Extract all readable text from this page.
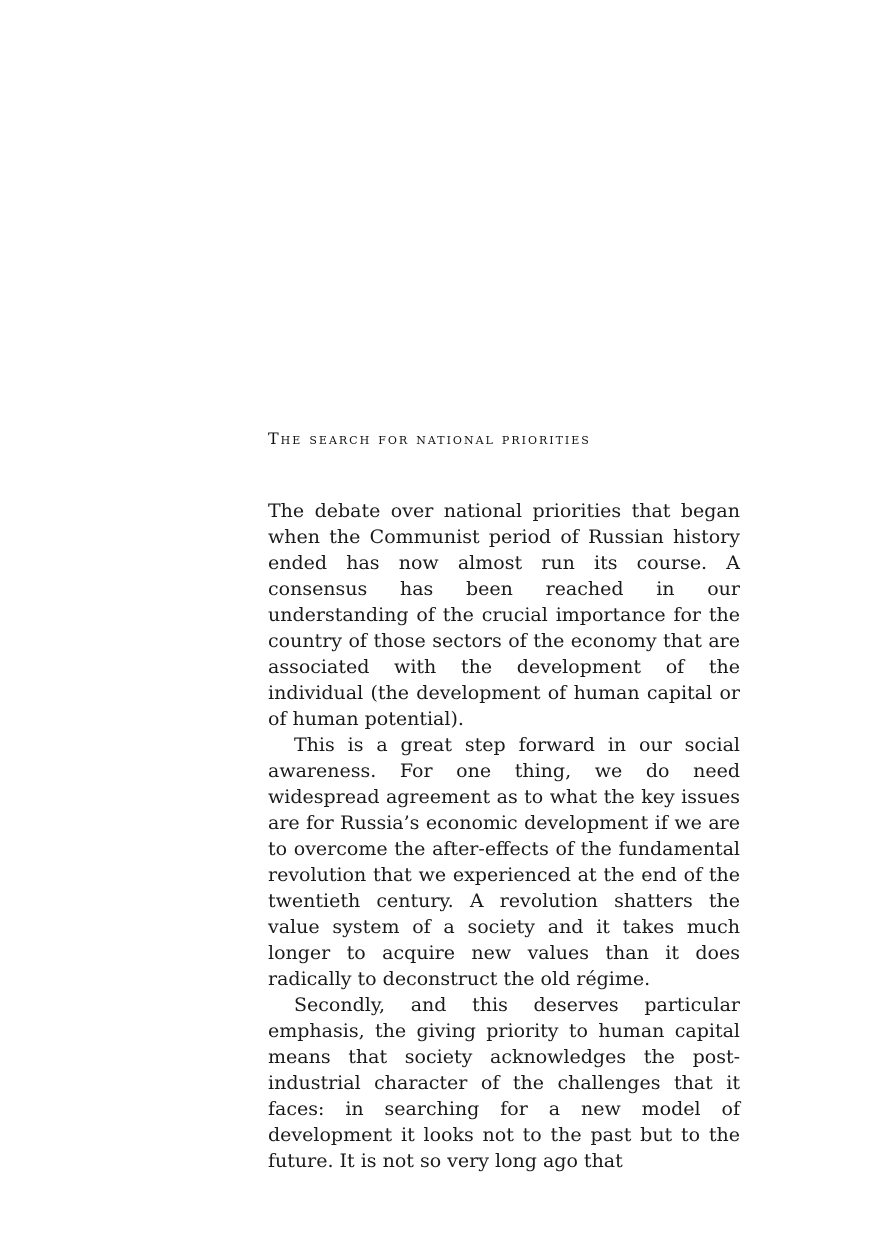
The search for national priorities

The debate over national priorities that began when the Communist period of Russian history ended has now almost run its course. A consensus has been reached in our understanding of the crucial importance for the country of those sectors of the economy that are associated with the development of the individual (the development of human capital or of human potential).

This is a great step forward in our social awareness. For one thing, we do need widespread agreement as to what the key issues are for Russia’s economic development if we are to overcome the after-effects of the fundamental revolution that we experienced at the end of the twentieth century. A revolution shatters the value system of a society and it takes much longer to acquire new values than it does radically to deconstruct the old régime.

Secondly, and this deserves particular emphasis, the giving priority to human capital means that society acknowledges the post-industrial character of the challenges that it faces: in searching for a new model of development it looks not to the past but to the future. It is not so very long ago that
